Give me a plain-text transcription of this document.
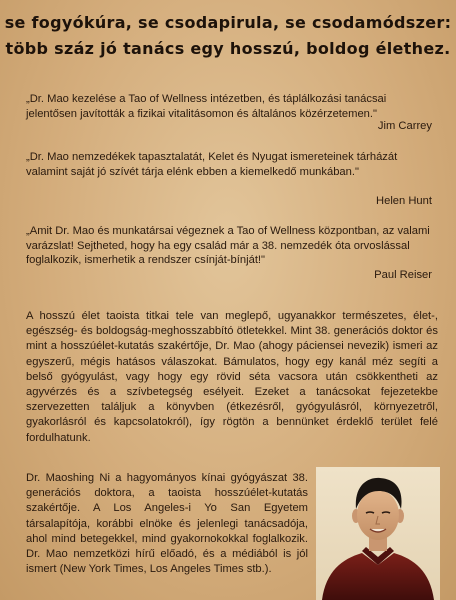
se fogyókúra, se csodapirula, se csodamódszer:
több száz jó tanács egy hosszú, boldog élethez.

„Dr. Mao kezelése a Tao of Wellness intézetben, és táplálkozási tanácsai jelentősen javították a fizikai vitalitásomon és általános közérzetemen."

Jim Carrey

„Dr. Mao nemzedékek tapasztalatát, Kelet és Nyugat ismereteinek tárházát valamint saját jó szívét tárja elénk ebben a kiemelkedő munkában."

Helen Hunt

„Amit Dr. Mao és munkatársai végeznek a Tao of Wellness központban, az valami varázslat! Sejtheted, hogy ha egy család már a 38. nemzedék óta orvoslással foglalkozik, ismerhetik a rendszer csínját-bínját!"

Paul Reiser

A hosszú élet taoista titkai tele van meglepő, ugyanakkor természetes, élet-, egészség- és boldogság-meghosszabbító ötletekkel. Mint 38. generációs doktor és mint a hosszúélet-kutatás szakértője, Dr. Mao (ahogy páciensei nevezik) ismeri az egyszerű, mégis hatásos válaszokat. Bámulatos, hogy egy kanál méz segíti a belső gyógyulást, vagy hogy egy rövid séta vacsora után csökkentheti az agyvérzés és a szívbetegség esélyeit. Ezeket a tanácsokat fejezetekbe szervezetten találjuk a könyvben (étkezésről, gyógyulásról, környezetről, gyakorlásról és kapcsolatokról), így rögtön a bennünket érdeklő terület felé fordulhatunk.

Dr. Maoshing Ni a hagyományos kínai gyógyászat 38. generációs doktora, a taoista hosszúélet-kutatás szakértője. A Los Angeles-i Yo San Egyetem társalapítója, korábbi elnöke és jelenlegi tanácsadója, ahol mind betegekkel, mind gyakornokokkal foglalkozik. Dr. Mao nemzetközi hírű előadó, és a médiából is jól ismert (New York Times, Los Angeles Times stb.).
